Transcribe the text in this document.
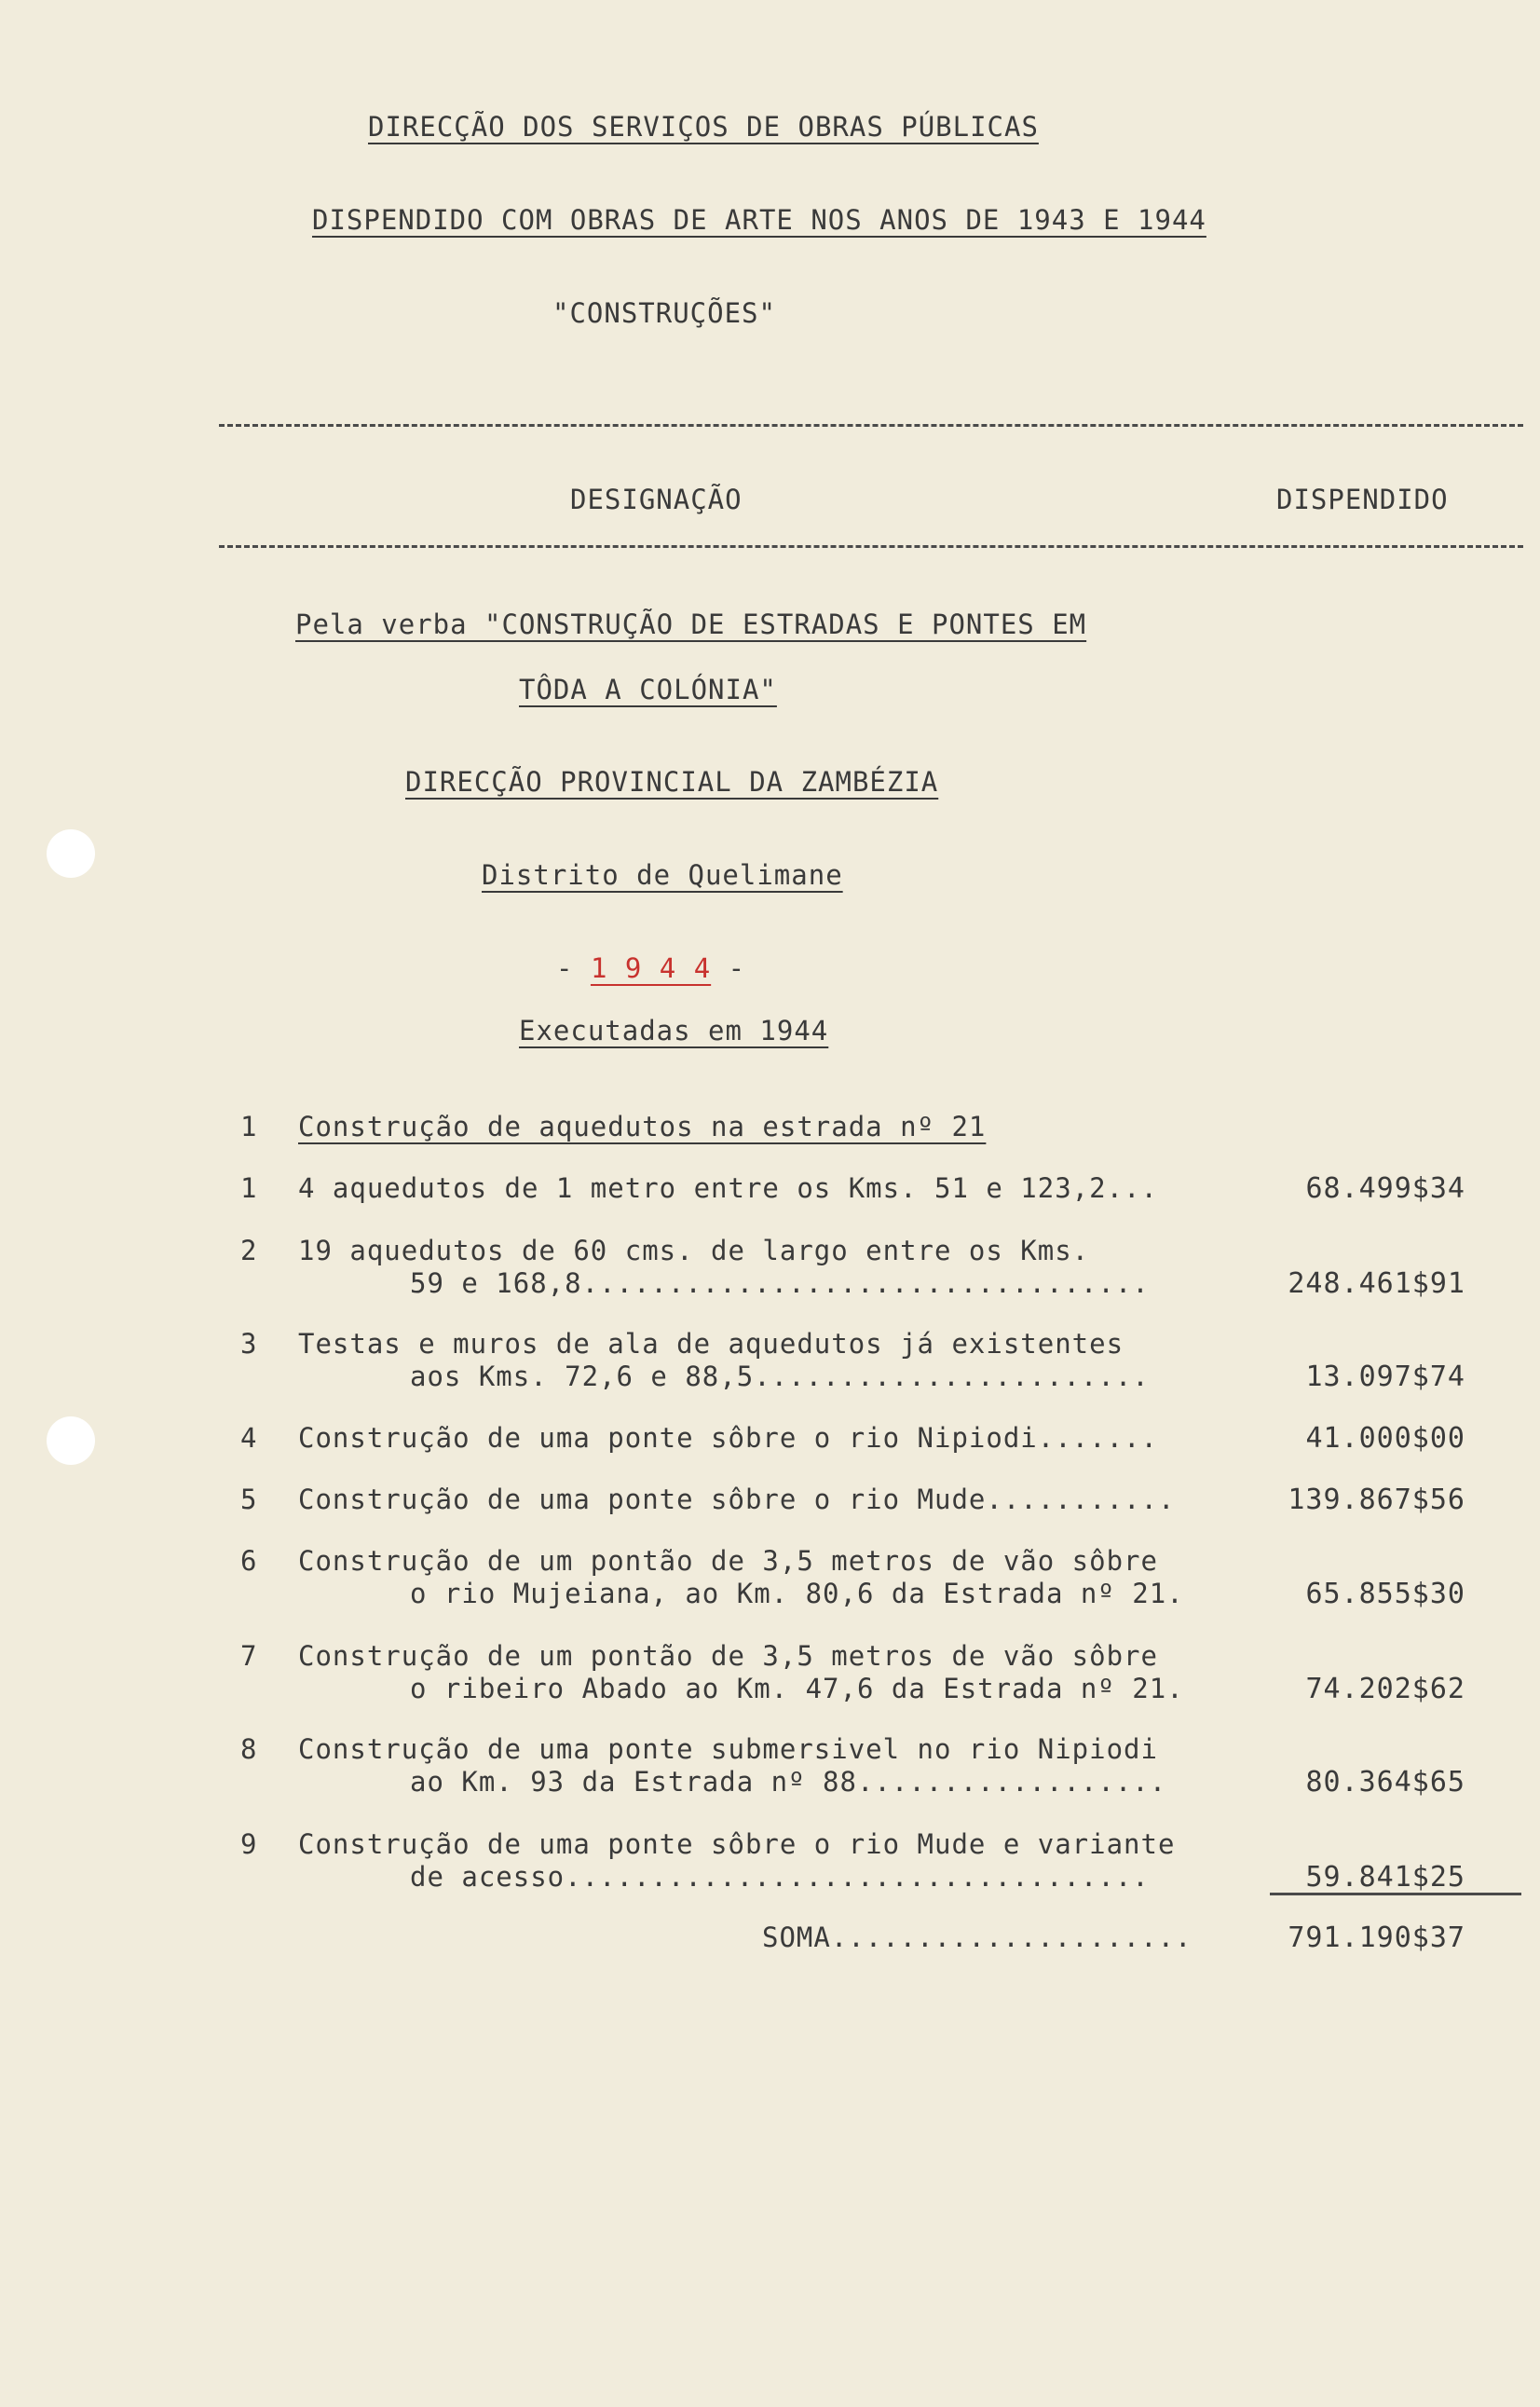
DIRECÇÃO DOS SERVIÇOS DE OBRAS PÚBLICAS
DISPENDIDO COM OBRAS DE ARTE NOS ANOS DE 1943 E 1944
"CONSTRUÇÕES"
DESIGNAÇÃO	DISPENDIDO
Pela verba "CONSTRUÇÃO DE ESTRADAS E PONTES EM
TÔDA A COLÓNIA"
DIRECÇÃO PROVINCIAL DA ZAMBÉZIA
Distrito de Quelimane
- 1 9 4 4 -
Executadas em 1944
1 Construção de aquedutos na estrada nº 21
1 4 aquedutos de 1 metro entre os Kms. 51 e 123,2...	68.499$34
2 19 aquedutos de 60 cms. de largo entre os Kms.
59 e 168,8.................................	248.461$91
3 Testas e muros de ala de aquedutos já existentes
aos Kms. 72,6 e 88,5.......................	13.097$74
4 Construção de uma ponte sôbre o rio Nipiodi.......	41.000$00
5 Construção de uma ponte sôbre o rio Mude...........	139.867$56
6 Construção de um pontão de 3,5 metros de vão sôbre
o rio Mujeiana, ao Km. 80,6 da Estrada nº 21.	65.855$30
7 Construção de um pontão de 3,5 metros de vão sôbre
o ribeiro Abado ao Km. 47,6 da Estrada nº 21.	74.202$62
8 Construção de uma ponte submersivel no rio Nipiodi
ao Km. 93 da Estrada nº 88..................	80.364$65
9 Construção de uma ponte sôbre o rio Mude e variante
de acesso..................................	59.841$25
SOMA.....................	791.190$37
